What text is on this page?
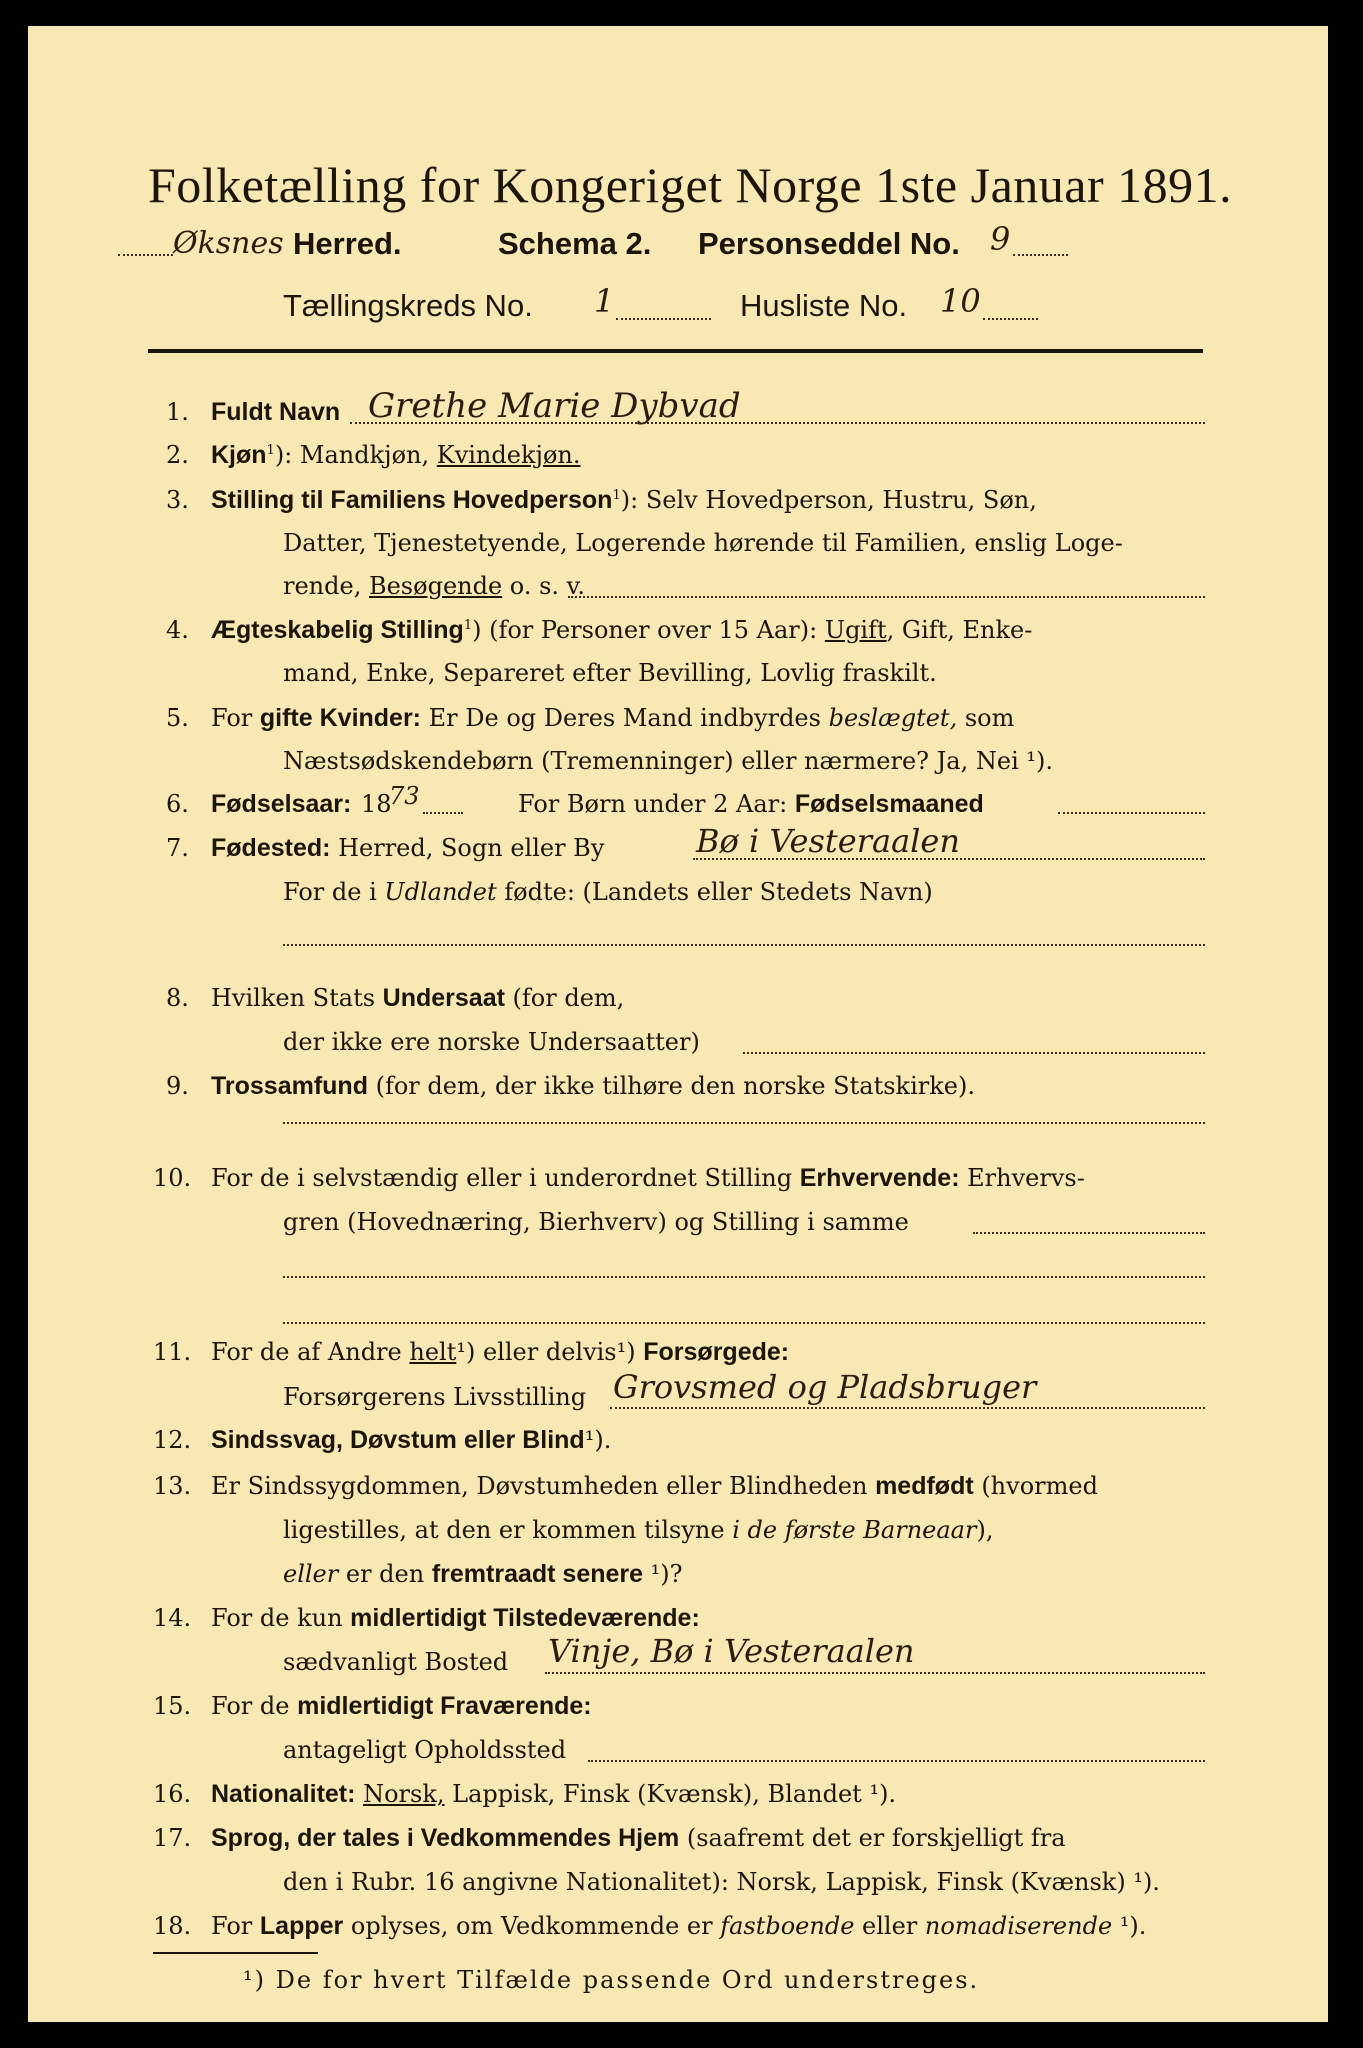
Folketælling for Kongeriget Norge 1ste Januar 1891.
Øksnes Herred.	Schema 2. Personseddel No. 9
Tællingskreds No. 1	Husliste No. 10
1. Fuldt Navn Grethe Marie Dybvad
2. Kjøn$^1$): Mandkjøn, Kvindekjøn.
3. Stilling til Familiens Hovedperson$^1$): Selv Hovedperson, Hustru, Søn,
Datter, Tjenestetyende, Logerende hørende til Familien, enslig Loge-
rende, Besøgende o. s. v.
4. Ægteskabelig Stilling$^1$) (for Personer over 15 Aar): Ugift, Gift, Enke-
mand, Enke, Separeret efter Bevilling, Lovlig fraskilt.
5. For gifte Kvinder: Er De og Deres Mand indbyrdes beslægtet, som
Næstsødskendebørn (Tremenninger) eller nærmere? Ja, Nei ¹).
6. Fødselsaar: 18
73	For Børn under 2 Aar: Fødselsmaaned
7. Fødested: Herred, Sogn eller By	Bø i Vesteraalen
For de i Udlandet fødte: (Landets eller Stedets Navn)
8. Hvilken Stats Undersaat (for dem,
der ikke ere norske Undersaatter)
9. Trossamfund (for dem, der ikke tilhøre den norske Statskirke).
10. For de i selvstændig eller i underordnet Stilling Erhvervende: Erhvervs-
gren (Hovednæring, Bierhverv) og Stilling i samme
11. For de af Andre helt¹) eller delvis¹) Forsørgede:
Forsørgerens Livsstilling Grovsmed og Pladsbruger
12. Sindssvag, Døvstum eller Blind¹).
13. Er Sindssygdommen, Døvstumheden eller Blindheden medfødt (hvormed
ligestilles, at den er kommen tilsyne i de første Barneaar),
eller er den fremtraadt senere ¹)?
14. For de kun midlertidigt Tilstedeværende:
sædvanligt Bosted Vinje, Bø i Vesteraalen
15. For de midlertidigt Fraværende:
antageligt Opholdssted
16. Nationalitet: Norsk, Lappisk, Finsk (Kvænsk), Blandet ¹).
17. Sprog, der tales i Vedkommendes Hjem (saafremt det er forskjelligt fra
den i Rubr. 16 angivne Nationalitet): Norsk, Lappisk, Finsk (Kvænsk) ¹).
18. For Lapper oplyses, om Vedkommende er fastboende eller nomadiserende ¹).
¹) De for hvert Tilfælde passende Ord understreges.
